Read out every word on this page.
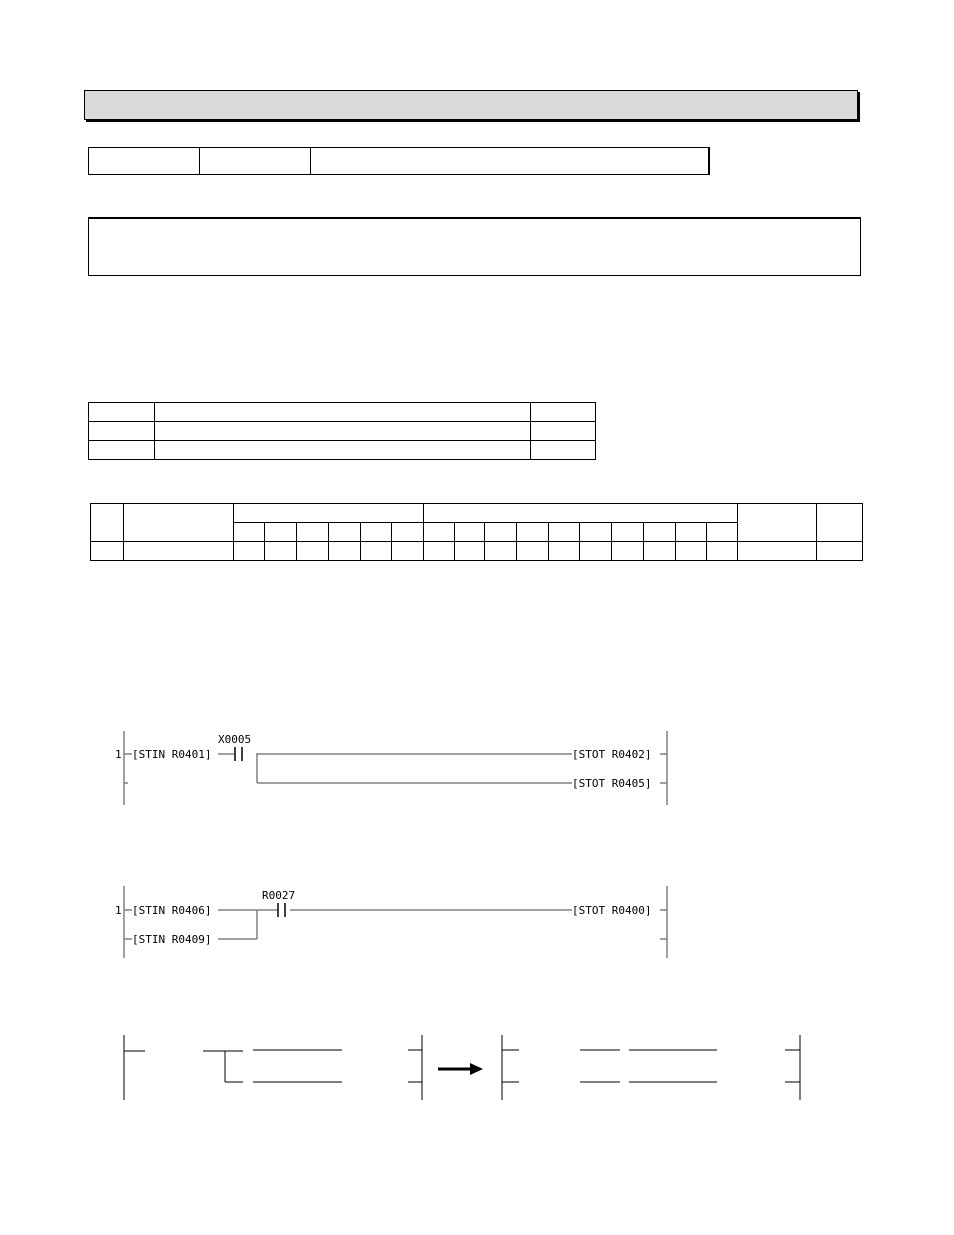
1 [STIN R0401]
X0005
[STOT R0402]
[STOT R0405]
1 [STIN R0406]
[STIN R0409]
R0027
[STOT R0400]
